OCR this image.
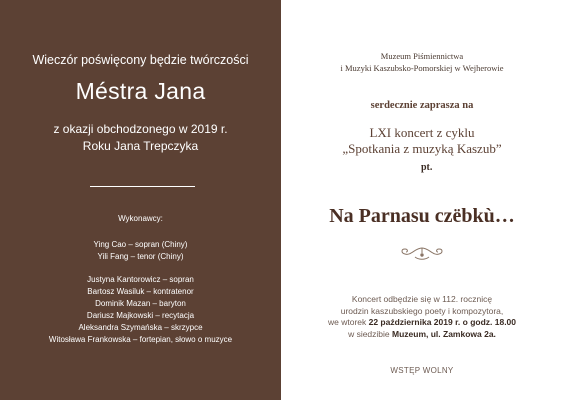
Wieczór poświęcony będzie twórczości

Méstra Jana

z okazji obchodzonego w 2019 r.

Roku Jana Trepczyka

Wykonawcy:

Ying Cao – sopran (Chiny)

Yili Fang – tenor (Chiny)

Justyna Kantorowicz – sopran

Bartosz Wasiluk – kontratenor

Dominik Mazan – baryton

Dariusz Majkowski – recytacja

Aleksandra Szymańska – skrzypce

Witosława Frankowska – fortepian, słowo o muzyce

Muzeum Piśmiennictwa
i Muzyki Kaszubsko-Pomorskiej w Wejherowie

serdecznie zaprasza na

LXI koncert z cyklu
„Spotkania z muzyką Kaszub”

pt.

Na Parnasu czëbkù…

Koncert odbędzie się w 112. rocznicę
urodzin kaszubskiego poety i kompozytora,
we wtorek 22 października 2019 r. o godz. 18.00
w siedzibie Muzeum, ul. Zamkowa 2a.

WSTĘP WOLNY
